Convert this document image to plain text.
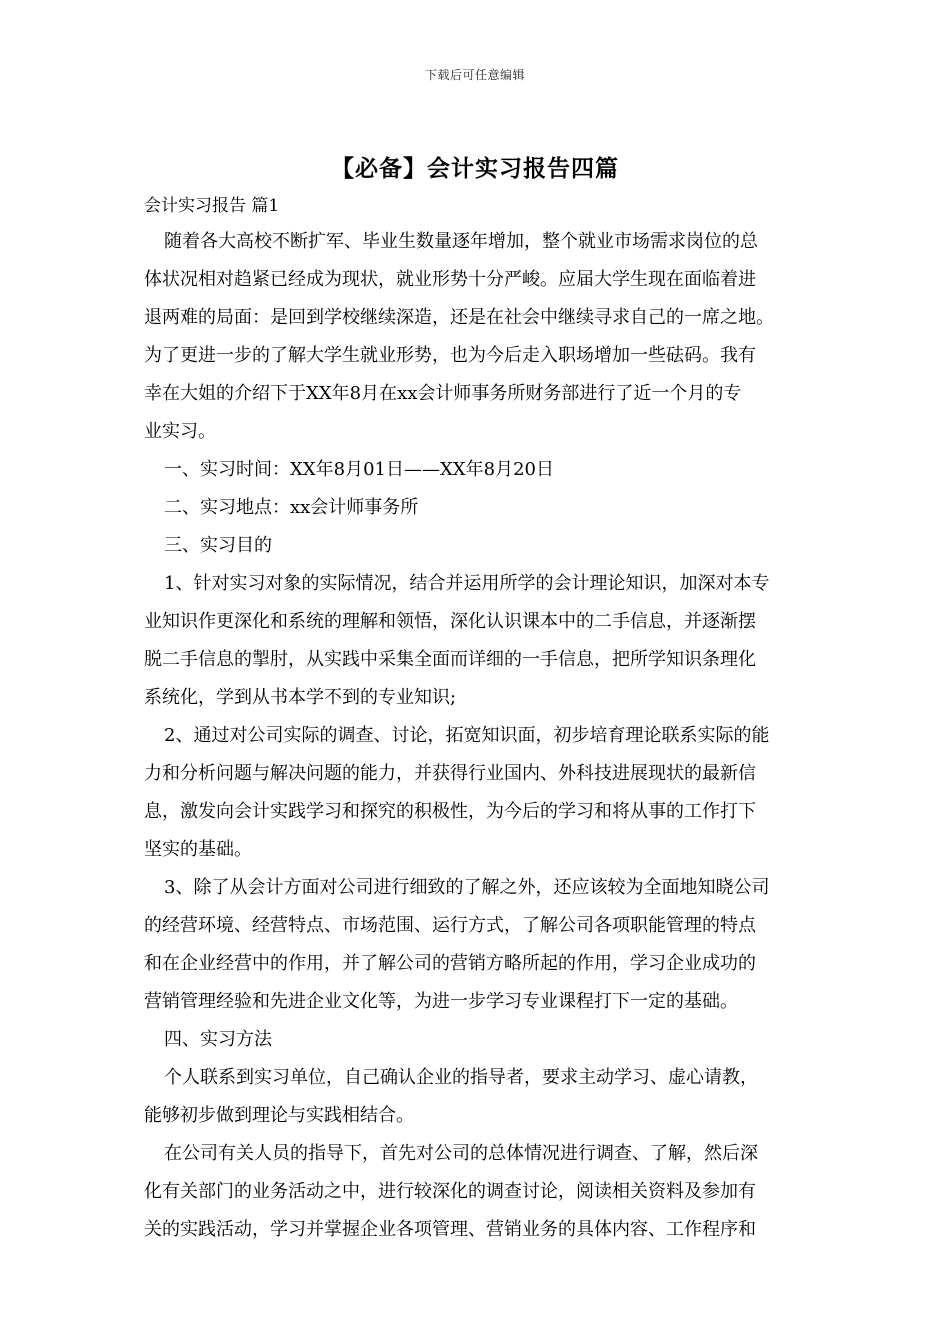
下载后可任意编辑
【必备】会计实习报告四篇
会计实习报告 篇1
随着各大高校不断扩军、毕业生数量逐年增加，整个就业市场需求岗位的总
体状况相对趋紧已经成为现状，就业形势十分严峻。应届大学生现在面临着进
退两难的局面：是回到学校继续深造，还是在社会中继续寻求自己的一席之地。
为了更进一步的了解大学生就业形势，也为今后走入职场增加一些砝码。我有
幸在大姐的介绍下于XX年8月在xx会计师事务所财务部进行了近一个月的专
业实习。
一、实习时间：XX年8月01日——XX年8月20日
二、实习地点：xx会计师事务所
三、实习目的
1、针对实习对象的实际情况，结合并运用所学的会计理论知识，加深对本专
业知识作更深化和系统的理解和领悟，深化认识课本中的二手信息，并逐渐摆
脱二手信息的掣肘，从实践中采集全面而详细的一手信息，把所学知识条理化
系统化，学到从书本学不到的专业知识;
2、通过对公司实际的调查、讨论，拓宽知识面，初步培育理论联系实际的能
力和分析问题与解决问题的能力，并获得行业国内、外科技进展现状的最新信
息，激发向会计实践学习和探究的积极性，为今后的学习和将从事的工作打下
坚实的基础。
3、除了从会计方面对公司进行细致的了解之外，还应该较为全面地知晓公司
的经营环境、经营特点、市场范围、运行方式，了解公司各项职能管理的特点
和在企业经营中的作用，并了解公司的营销方略所起的作用，学习企业成功的
营销管理经验和先进企业文化等，为进一步学习专业课程打下一定的基础。
四、实习方法
个人联系到实习单位，自己确认企业的指导者，要求主动学习、虚心请教，
能够初步做到理论与实践相结合。
在公司有关人员的指导下，首先对公司的总体情况进行调查、了解，然后深
化有关部门的业务活动之中，进行较深化的调查讨论，阅读相关资料及参加有
关的实践活动，学习并掌握企业各项管理、营销业务的具体内容、工作程序和
